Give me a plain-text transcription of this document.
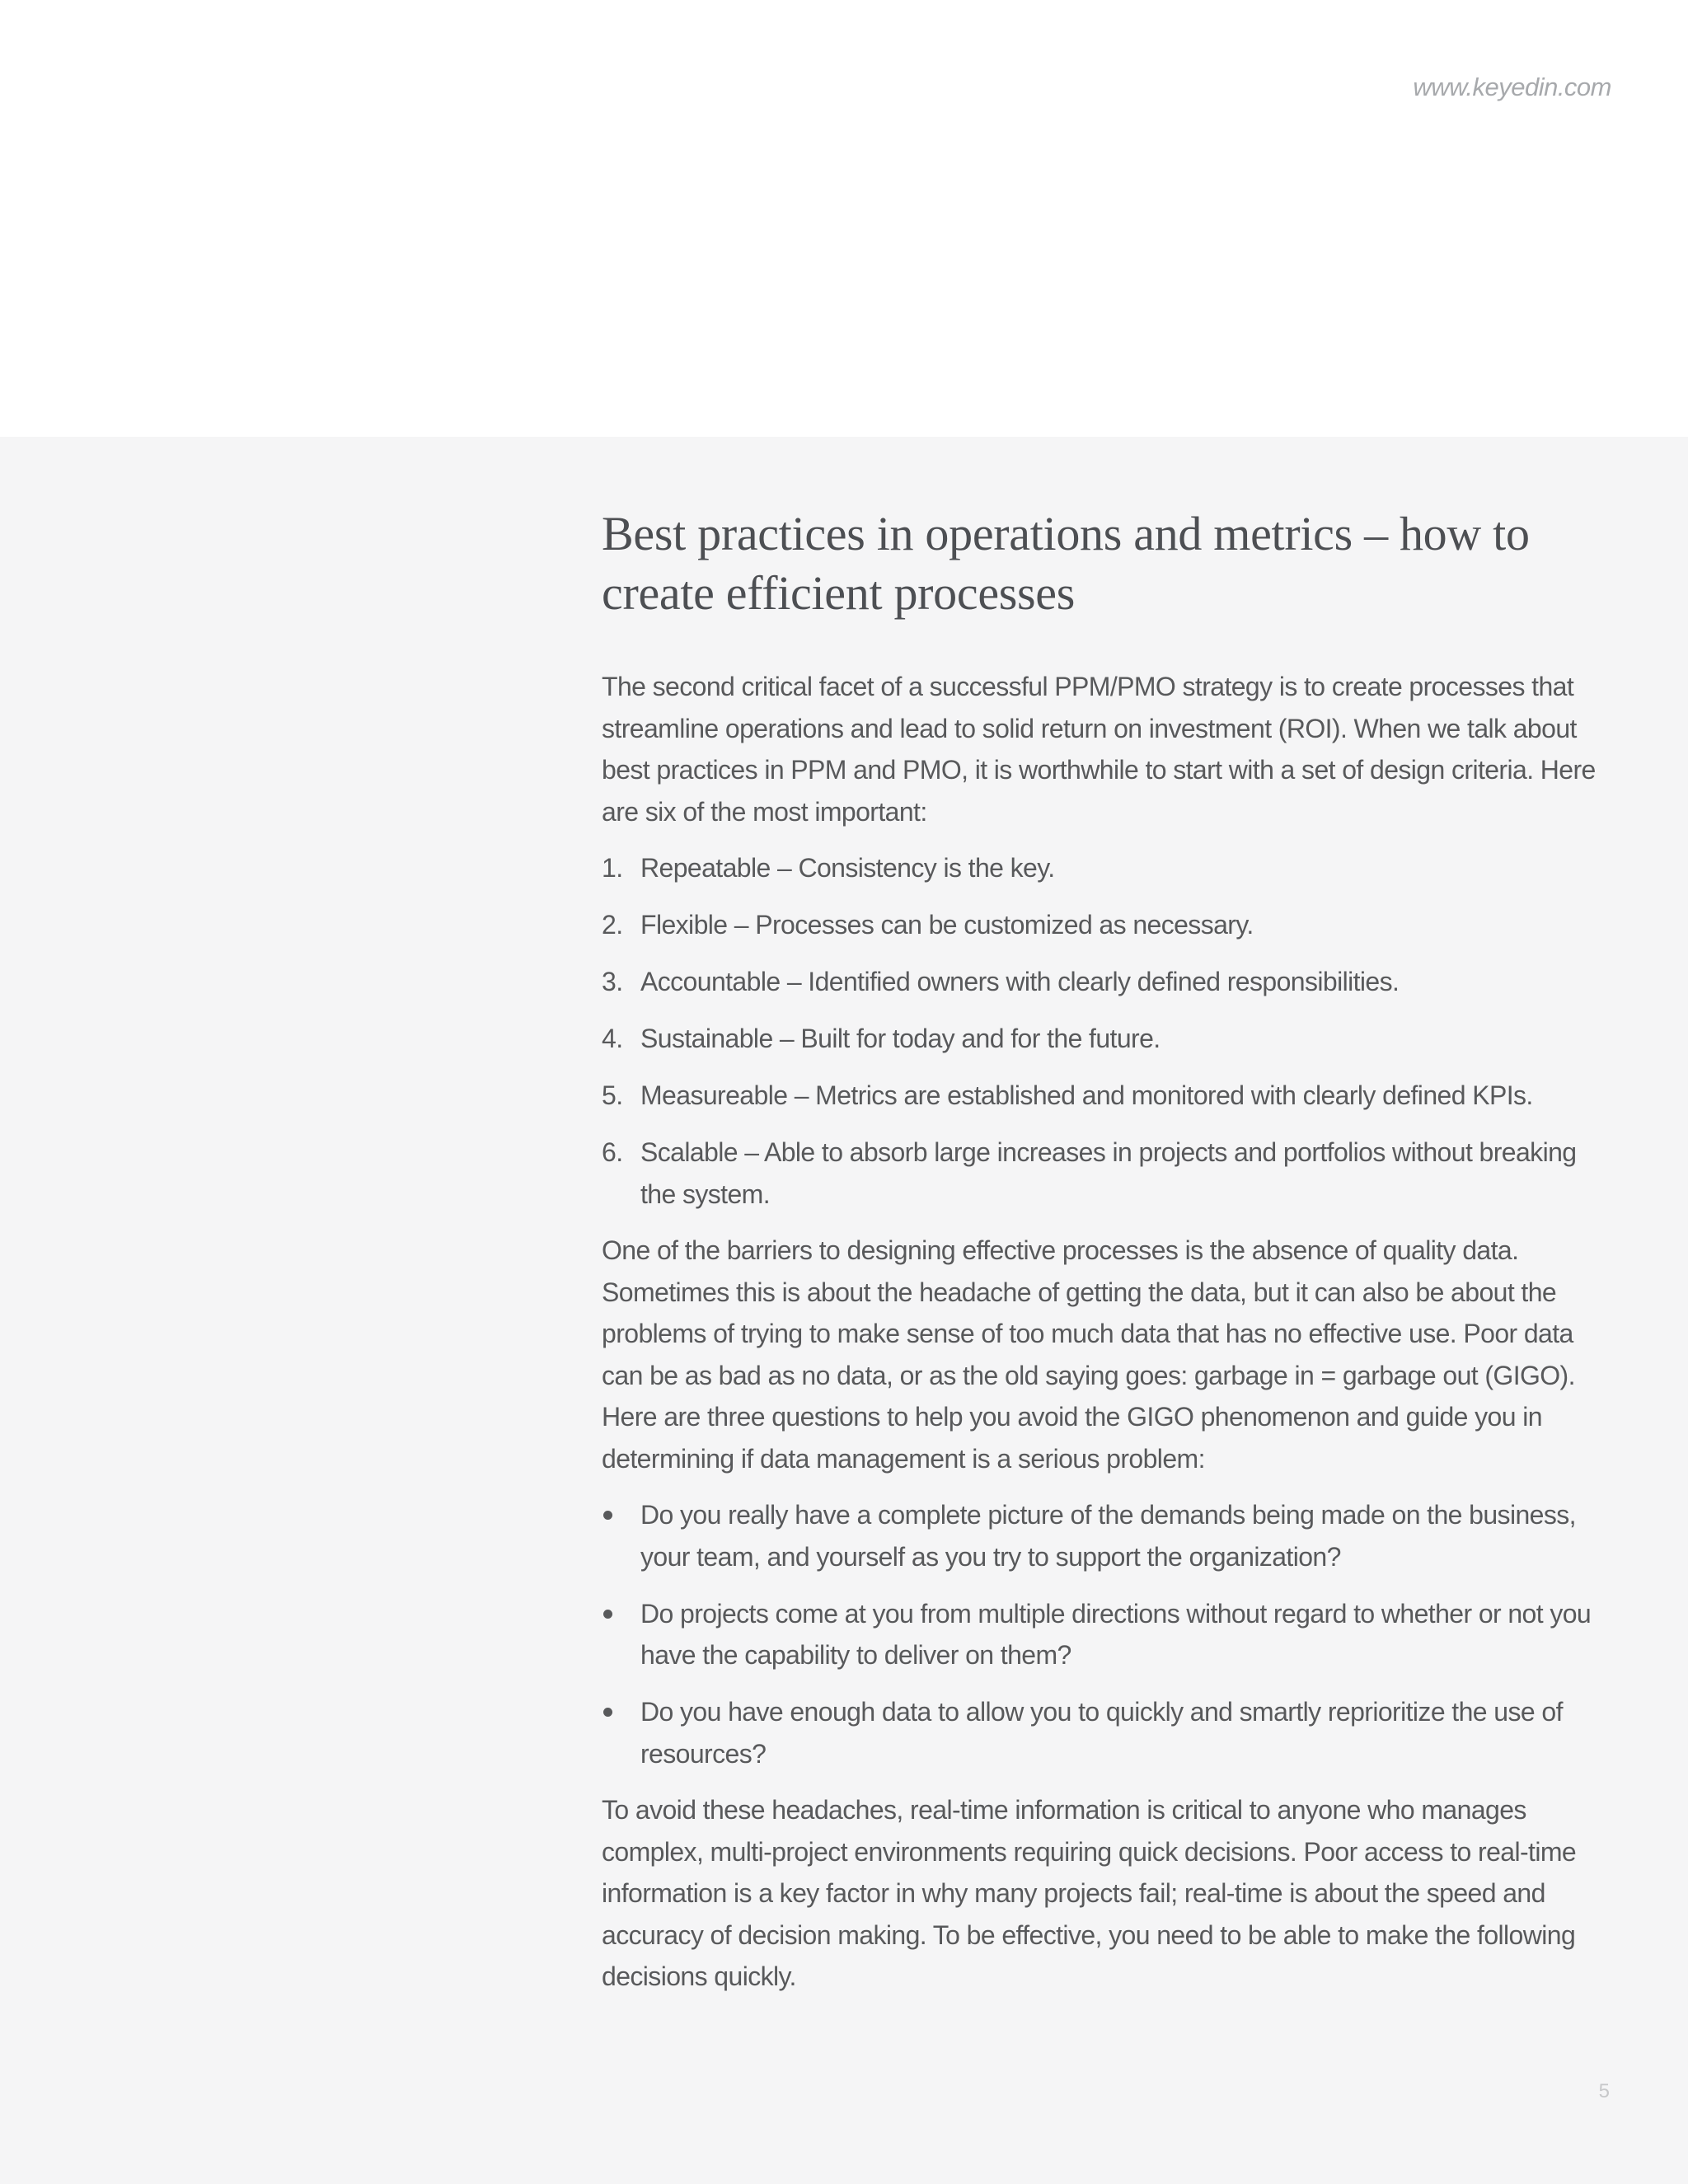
www.keyedin.com
Best practices in operations and metrics – how to create efficient processes

The second critical facet of a successful PPM/PMO strategy is to create processes that streamline operations and lead to solid return on investment (ROI). When we talk about best practices in PPM and PMO, it is worthwhile to start with a set of design criteria. Here are six of the most important:

1. Repeatable – Consistency is the key.
2. Flexible – Processes can be customized as necessary.
3. Accountable – Identified owners with clearly defined responsibilities.
4. Sustainable – Built for today and for the future.
5. Measureable – Metrics are established and monitored with clearly defined KPIs.
6. Scalable – Able to absorb large increases in projects and portfolios without breaking the system.

One of the barriers to designing effective processes is the absence of quality data. Sometimes this is about the headache of getting the data, but it can also be about the problems of trying to make sense of too much data that has no effective use. Poor data can be as bad as no data, or as the old saying goes: garbage in = garbage out (GIGO). Here are three questions to help you avoid the GIGO phenomenon and guide you in determining if data management is a serious problem:

Do you really have a complete picture of the demands being made on the business, your team, and yourself as you try to support the organization?
Do projects come at you from multiple directions without regard to whether or not you have the capability to deliver on them?
Do you have enough data to allow you to quickly and smartly reprioritize the use of resources?

To avoid these headaches, real-time information is critical to anyone who manages complex, multi-project environments requiring quick decisions. Poor access to real-time information is a key factor in why many projects fail; real-time is about the speed and accuracy of decision making. To be effective, you need to be able to make the following decisions quickly.

5
